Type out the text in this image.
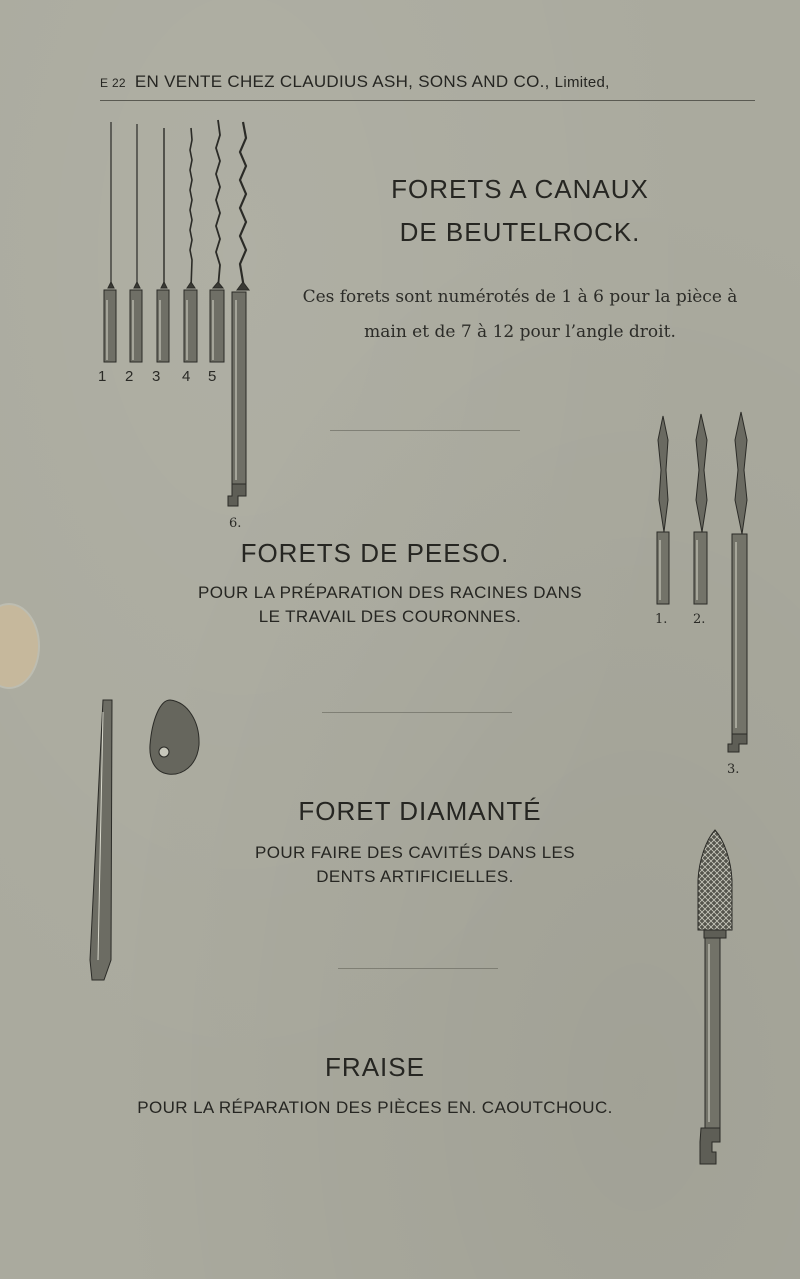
E 22 EN VENTE CHEZ CLAUDIUS ASH, SONS AND CO., Limited,
1 2 3 4 5
6.
FORETS A CANAUX
DE BEUTELROCK.
Ces forets sont numérotés de 1 à 6 pour la pièce à
main et de 7 à 12 pour l’angle droit.
1. 2.
3.
FORETS DE PEESO.
POUR LA PRÉPARATION DES RACINES DANS
LE TRAVAIL DES COURONNES.
FORET DIAMANTÉ
POUR FAIRE DES CAVITÉS DANS LES
DENTS ARTIFICIELLES.
FRAISE
POUR LA RÉPARATION DES PIÈCES EN. CAOUTCHOUC.
